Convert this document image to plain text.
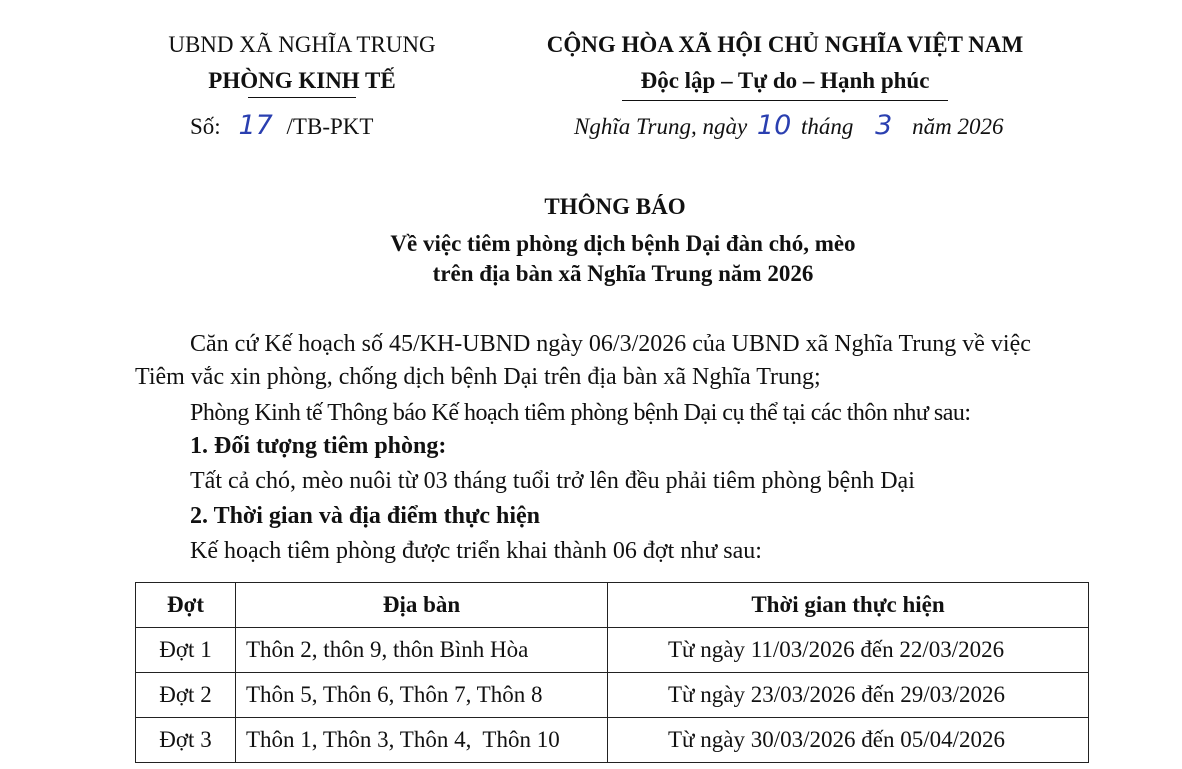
UBND XÃ NGHĨA TRUNG
PHÒNG KINH TẾ
Số: 17 /TB-PKT
CỘNG HÒA XÃ HỘI CHỦ NGHĨA VIỆT NAM
Độc lập – Tự do – Hạnh phúc
Nghĩa Trung, ngày 10 tháng 3 năm 2026
THÔNG BÁO
Về việc tiêm phòng dịch bệnh Dại đàn chó, mèo
trên địa bàn xã Nghĩa Trung năm 2026
Căn cứ Kế hoạch số 45/KH-UBND ngày 06/3/2026 của UBND xã Nghĩa Trung về việc
Tiêm vắc xin phòng, chống dịch bệnh Dại trên địa bàn xã Nghĩa Trung;
Phòng Kinh tế Thông báo Kế hoạch tiêm phòng bệnh Dại cụ thể tại các thôn như sau:
1. Đối tượng tiêm phòng:
Tất cả chó, mèo nuôi từ 03 tháng tuổi trở lên đều phải tiêm phòng bệnh Dại
2. Thời gian và địa điểm thực hiện
Kế hoạch tiêm phòng được triển khai thành 06 đợt như sau:
Đợt	Địa bàn	Thời gian thực hiện
Đợt 1	Thôn 2, thôn 9, thôn Bình Hòa	Từ ngày 11/03/2026 đến 22/03/2026
Đợt 2	Thôn 5, Thôn 6, Thôn 7, Thôn 8	Từ ngày 23/03/2026 đến 29/03/2026
Đợt 3	Thôn 1, Thôn 3, Thôn 4,  Thôn 10	Từ ngày 30/03/2026 đến 05/04/2026
